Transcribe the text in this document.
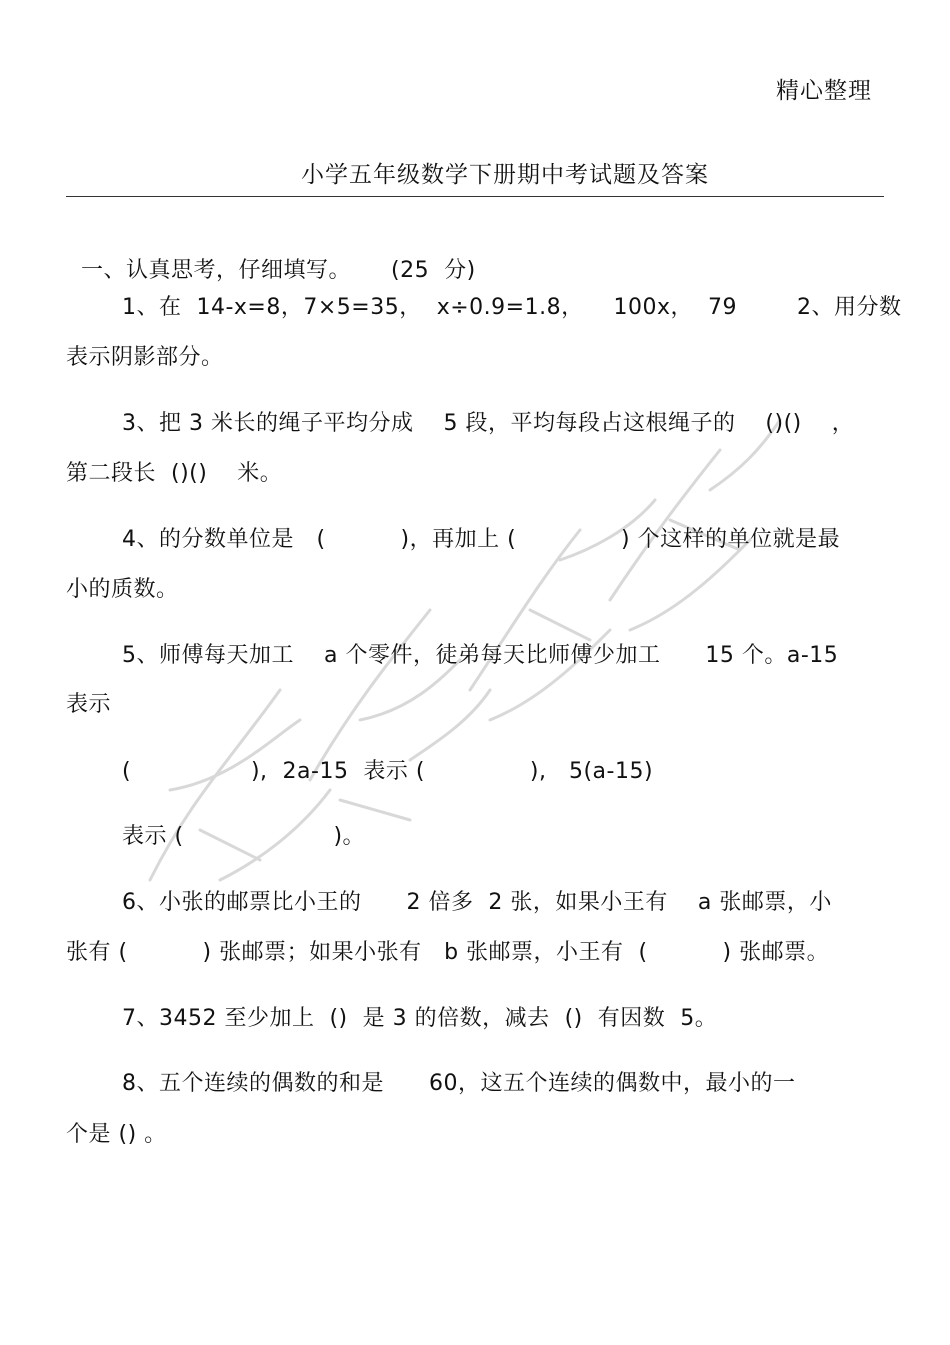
精心整理
小学五年级数学下册期中考试题及答案

一、认真思考，仔细填写。 (25  分)

1、在  14-x=8，7×5=35，  x÷0.9=1.8，    100x，  79        2、用分数
表示阴影部分。
3、把 3 米长的绳子平均分成    5 段，平均每段占这根绳子的    ()()    ，
第二段长  ()()    米。
4、的分数单位是   (          )，再加上 (              ) 个这样的单位就是最
小的质数。
5、师傅每天加工    a 个零件，徒弟每天比师傅少加工      15 个。a-15
表示
(                ),  2a-15  表示 (              ),   5(a-15)
表示 (                    )。
6、小张的邮票比小王的      2 倍多  2 张，如果小王有    a 张邮票，小
张有 (          ) 张邮票；如果小张有   b 张邮票，小王有  (          ) 张邮票。
7、3452 至少加上  ()  是 3 的倍数，减去  ()  有因数  5。
8、五个连续的偶数的和是      60，这五个连续的偶数中，最小的一
个是 () 。
